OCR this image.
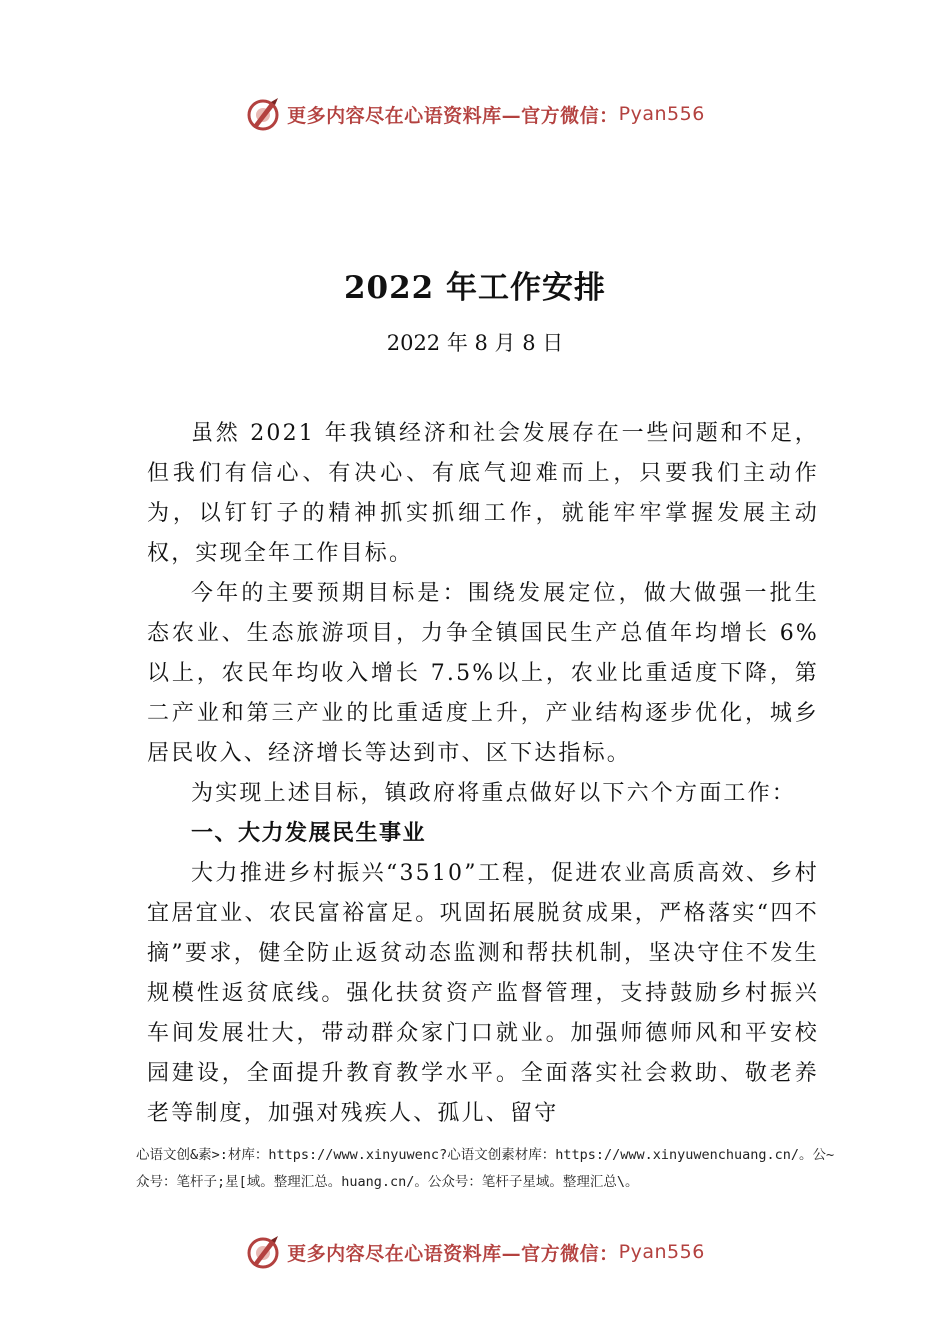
更多内容尽在心语资料库—官方微信： Pyan556
2022 年工作安排
2022 年 8 月 8 日

虽然 2021 年我镇经济和社会发展存在一些问题和不足，但我们有信心、有决心、有底气迎难而上，只要我们主动作为，以钉钉子的精神抓实抓细工作，就能牢牢掌握发展主动权，实现全年工作目标。

今年的主要预期目标是：围绕发展定位，做大做强一批生态农业、生态旅游项目，力争全镇国民生产总值年均增长 6%以上，农民年均收入增长 7.5%以上，农业比重适度下降，第二产业和第三产业的比重适度上升，产业结构逐步优化，城乡居民收入、经济增长等达到市、区下达指标。

为实现上述目标，镇政府将重点做好以下六个方面工作：

一、大力发展民生事业

大力推进乡村振兴“3510”工程，促进农业高质高效、乡村宜居宜业、农民富裕富足。巩固拓展脱贫成果，严格落实“四不摘”要求，健全防止返贫动态监测和帮扶机制，坚决守住不发生规模性返贫底线。强化扶贫资产监督管理，支持鼓励乡村振兴车间发展壮大，带动群众家门口就业。加强师德师风和平安校园建设，全面提升教育教学水平。全面落实社会救助、敬老养老等制度，加强对残疾人、孤儿、留守

心语文创&素>:材库：https://www.xinyuwenc?心语文创素材库：https://www.xinyuwenchuang.cn/。公~众号：笔杆子;星[域。整理汇总。huang.cn/。公众号：笔杆子星域。整理汇总\。
更多内容尽在心语资料库—官方微信： Pyan556
